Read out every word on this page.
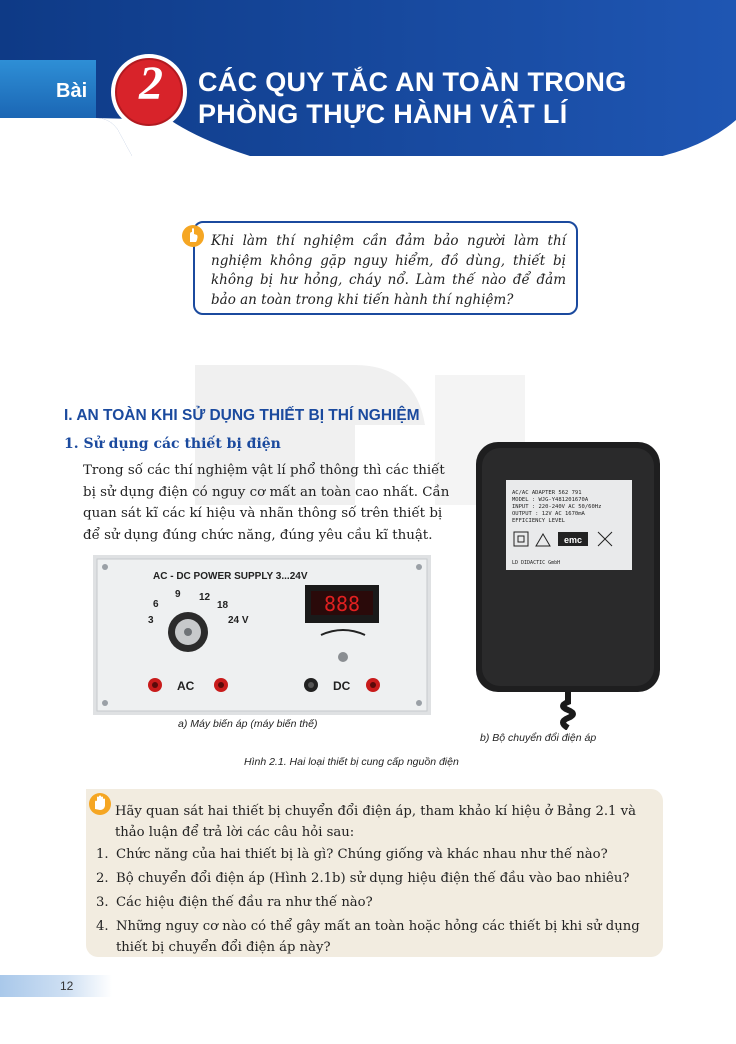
Bài 2	CÁC QUY TẮC AN TOÀN TRONG
PHÒNG THỰC HÀNH VẬT LÍ
Khi làm thí nghiệm cần đảm bảo người làm thí nghiệm không gặp nguy hiểm, đồ dùng, thiết bị không bị hư hỏng, cháy nổ. Làm thế nào để đảm bảo an toàn trong khi tiến hành thí nghiệm?
I. AN TOÀN KHI SỬ DỤNG THIẾT BỊ THÍ NGHIỆM
1. Sử dụng các thiết bị điện
Trong số các thí nghiệm vật lí phổ thông thì các thiết bị sử dụng điện có nguy cơ mất an toàn cao nhất. Cần quan sát kĩ các kí hiệu và nhãn thông số trên thiết bị để sử dụng đúng chức năng, đúng yêu cầu kĩ thuật.
AC - DC POWER SUPPLY 3...24V
3
6
9 12
18
24 V
888
AC	DC
a) Máy biến áp (máy biến thế)
AC/AC ADAPTER 562 791
MODEL : WJG-Y481201670A
INPUT : 220-240V AC 50/60Hz
OUTPUT : 12V AC 1670mA
EFFICIENCY LEVEL
emc
LD DIDACTIC GmbH
b) Bộ chuyển đổi điện áp
Hình 2.1. Hai loại thiết bị cung cấp nguồn điện
Hãy quan sát hai thiết bị chuyển đổi điện áp, tham khảo kí hiệu ở Bảng 2.1 và thảo luận để trả lời các câu hỏi sau:
1. Chức năng của hai thiết bị là gì? Chúng giống và khác nhau như thế nào?
2. Bộ chuyển đổi điện áp (Hình 2.1b) sử dụng hiệu điện thế đầu vào bao nhiêu?
3. Các hiệu điện thế đầu ra như thế nào?
4. Những nguy cơ nào có thể gây mất an toàn hoặc hỏng các thiết bị khi sử dụng thiết bị chuyển đổi điện áp này?
12
